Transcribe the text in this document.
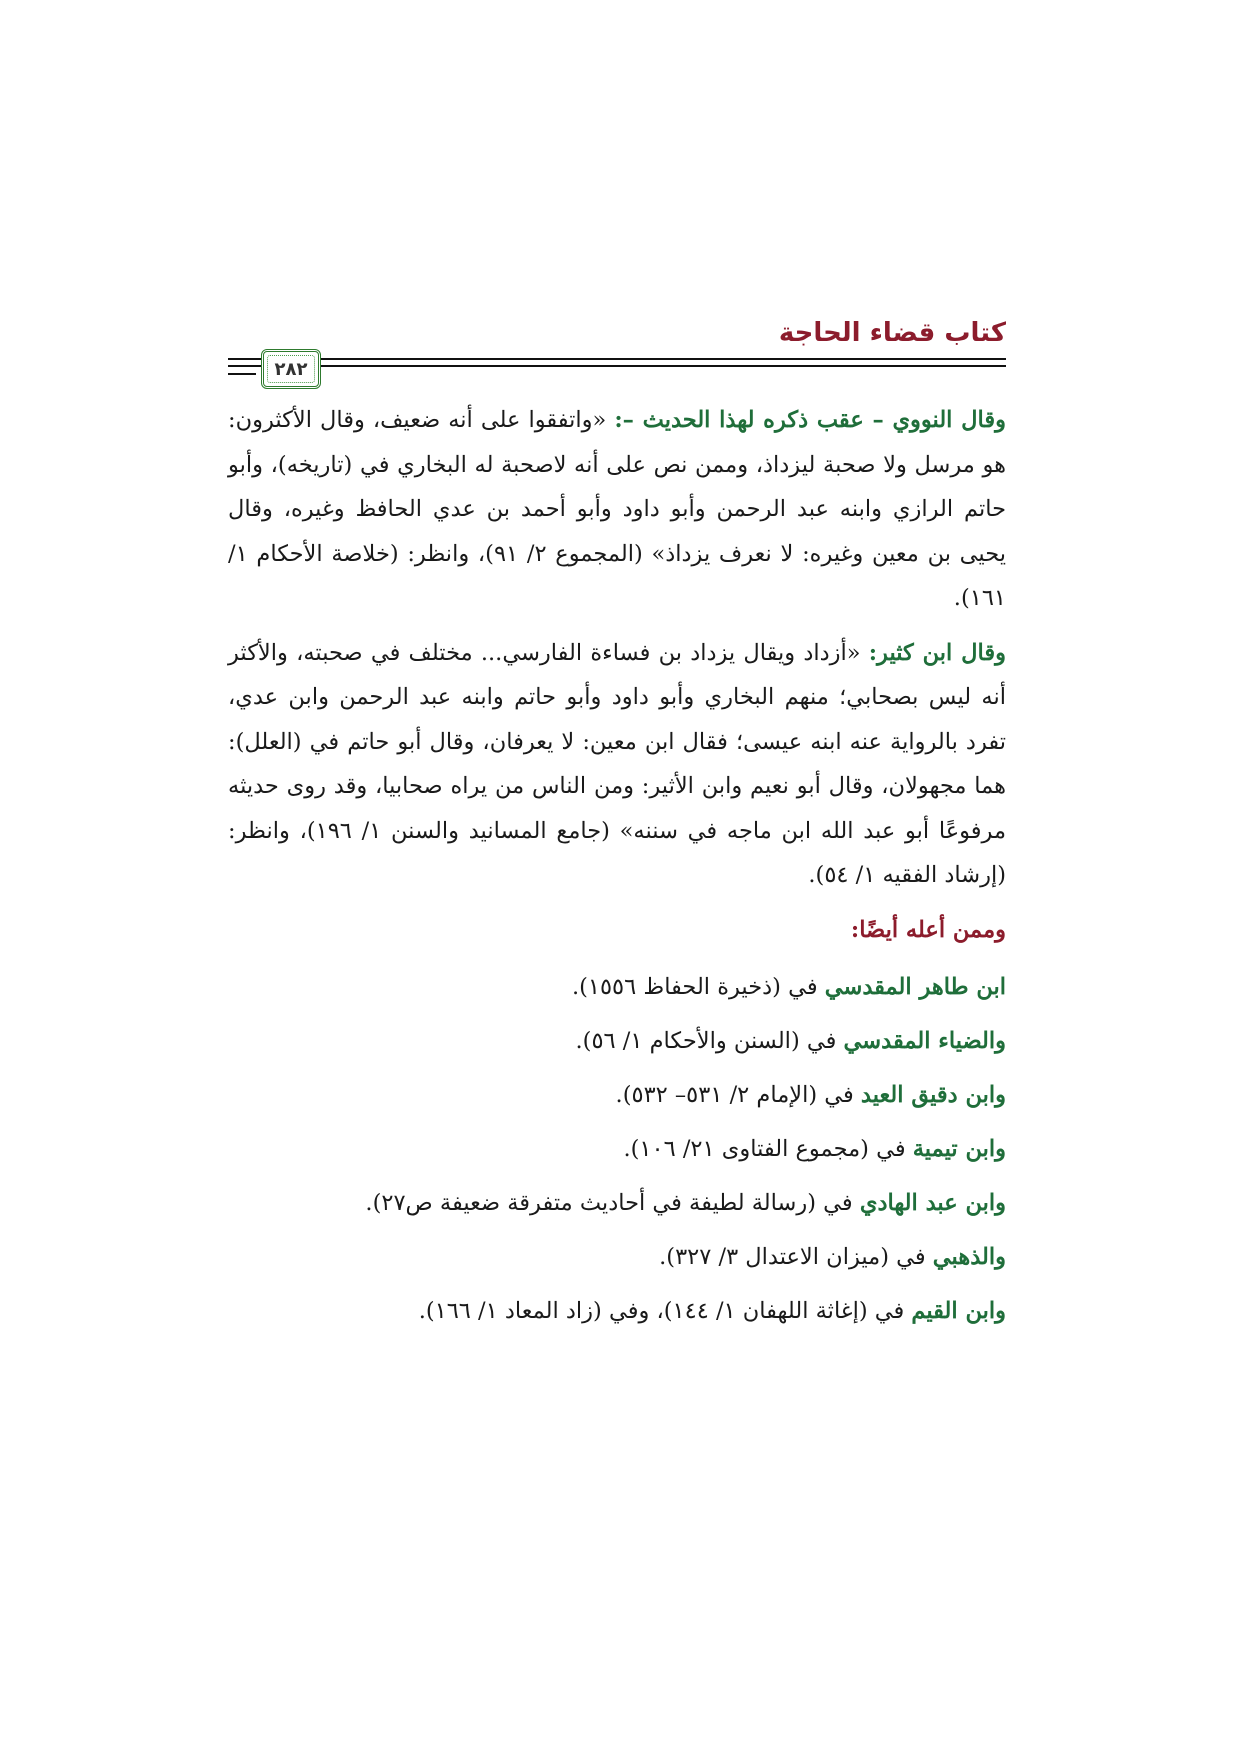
كتاب قضاء الحاجة
٢٨٢

وقال النووي – عقب ذكره لهذا الحديث –: «واتفقوا على أنه ضعيف، وقال الأكثرون: هو مرسل ولا صحبة ليزداذ، وممن نص على أنه لاصحبة له البخاري في (تاريخه)، وأبو حاتم الرازي وابنه عبد الرحمن وأبو داود وأبو أحمد بن عدي الحافظ وغيره، وقال يحيى بن معين وغيره: لا نعرف يزداذ» (المجموع ٢/ ٩١)، وانظر: (خلاصة الأحكام ١/ ١٦١).

وقال ابن كثير: «أزداد ويقال يزداد بن فساءة الفارسي... مختلف في صحبته، والأكثر أنه ليس بصحابي؛ منهم البخاري وأبو داود وأبو حاتم وابنه عبد الرحمن وابن عدي، تفرد بالرواية عنه ابنه عيسى؛ فقال ابن معين: لا يعرفان، وقال أبو حاتم في (العلل): هما مجهولان، وقال أبو نعيم وابن الأثير: ومن الناس من يراه صحابيا، وقد روى حديثه مرفوعًا أبو عبد الله ابن ماجه في سننه» (جامع المسانيد والسنن ١/ ١٩٦)، وانظر: (إرشاد الفقيه ١/ ٥٤).

وممن أعله أيضًا:

ابن طاهر المقدسي في (ذخيرة الحفاظ ١٥٥٦).

والضياء المقدسي في (السنن والأحكام ١/ ٥٦).

وابن دقيق العيد في (الإمام ٢/ ٥٣١– ٥٣٢).

وابن تيمية في (مجموع الفتاوى ٢١/ ١٠٦).

وابن عبد الهادي في (رسالة لطيفة في أحاديث متفرقة ضعيفة ص٢٧).

والذهبي في (ميزان الاعتدال ٣/ ٣٢٧).

وابن القيم في (إغاثة اللهفان ١/ ١٤٤)، وفي (زاد المعاد ١/ ١٦٦).
